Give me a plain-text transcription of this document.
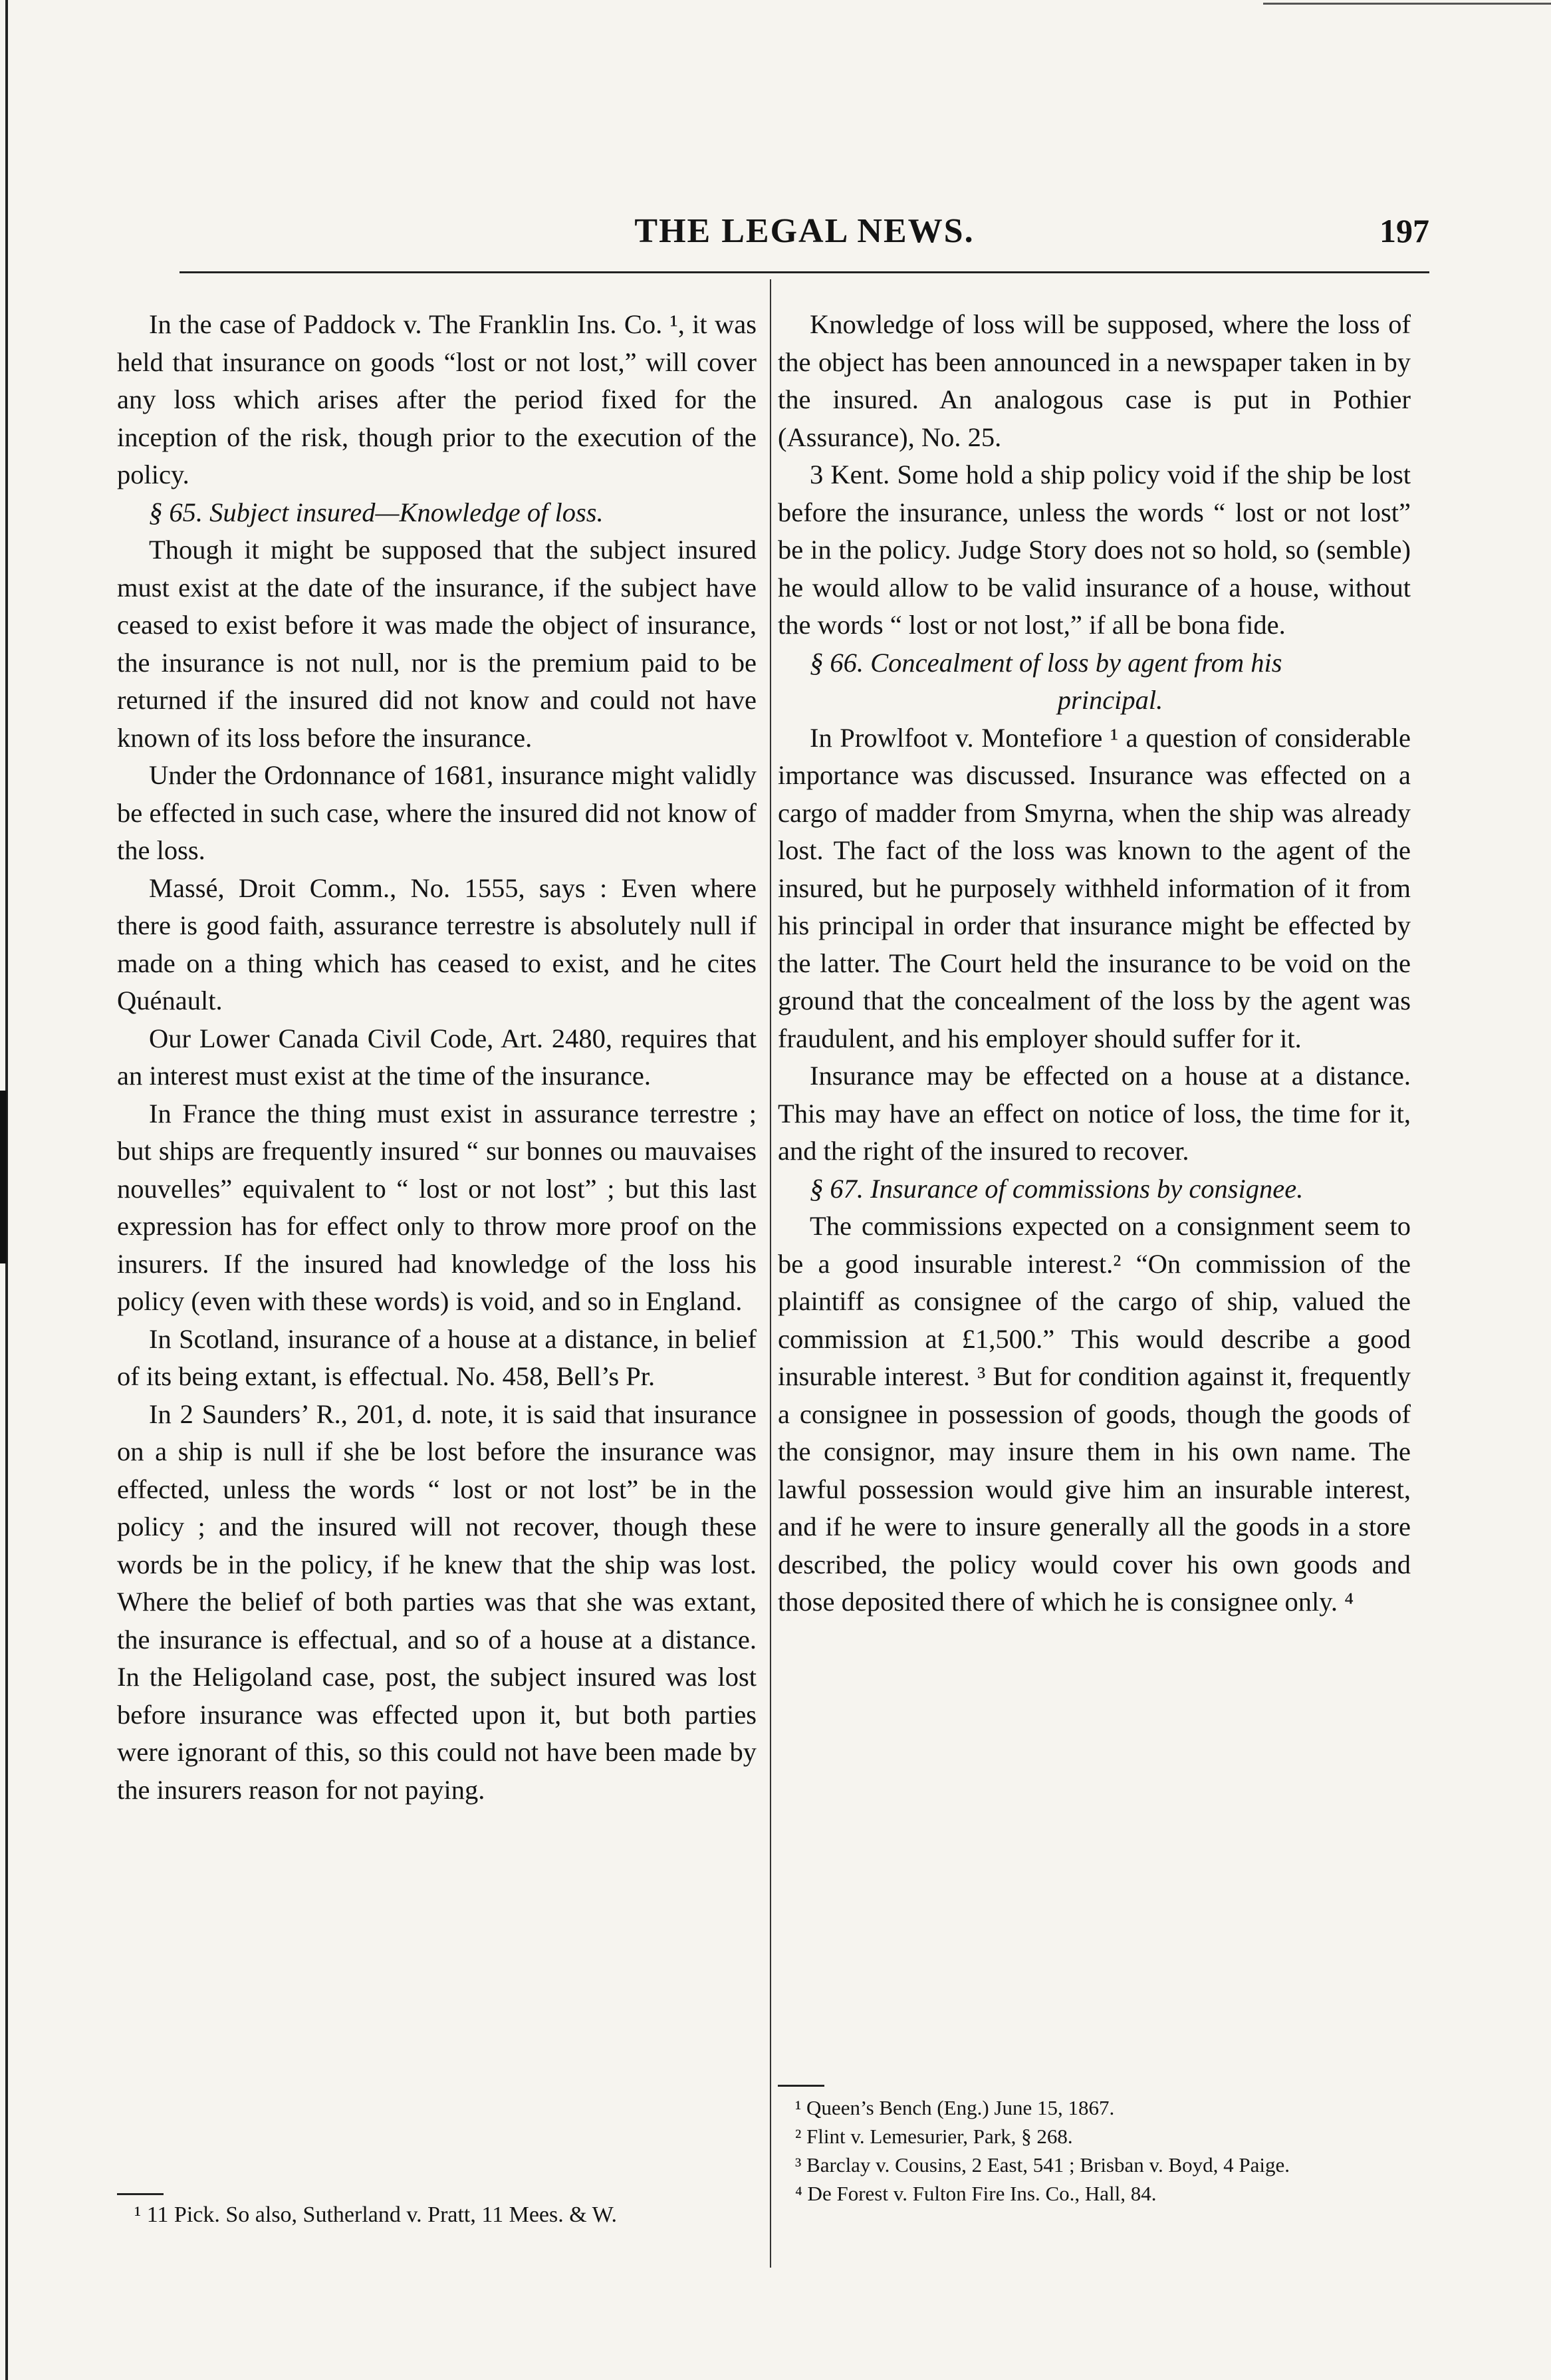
THE LEGAL NEWS.	197

In the case of Paddock v. The Franklin Ins. Co. ¹, it was held that insurance on goods “lost or not lost,” will cover any loss which arises after the period fixed for the inception of the risk, though prior to the execution of the policy.

§ 65. Subject insured—Knowledge of loss.

Though it might be supposed that the subject insured must exist at the date of the insurance, if the subject have ceased to exist before it was made the object of insurance, the insurance is not null, nor is the premium paid to be returned if the insured did not know and could not have known of its loss before the insurance.

Under the Ordonnance of 1681, insurance might validly be effected in such case, where the insured did not know of the loss.

Massé, Droit Comm., No. 1555, says : Even where there is good faith, assurance terrestre is absolutely null if made on a thing which has ceased to exist, and he cites Quénault.

Our Lower Canada Civil Code, Art. 2480, requires that an interest must exist at the time of the insurance.

In France the thing must exist in assurance terrestre ; but ships are frequently insured “ sur bonnes ou mauvaises nouvelles” equivalent to “ lost or not lost” ; but this last expression has for effect only to throw more proof on the insurers. If the insured had knowledge of the loss his policy (even with these words) is void, and so in England.

In Scotland, insurance of a house at a distance, in belief of its being extant, is effectual. No. 458, Bell’s Pr.

In 2 Saunders’ R., 201, d. note, it is said that insurance on a ship is null if she be lost before the insurance was effected, unless the words “ lost or not lost” be in the policy ; and the insured will not recover, though these words be in the policy, if he knew that the ship was lost. Where the belief of both parties was that she was extant, the insurance is effectual, and so of a house at a distance. In the Heligoland case, post, the subject insured was lost before insurance was effected upon it, but both parties were ignorant of this, so this could not have been made by the insurers reason for not paying.

¹ 11 Pick. So also, Sutherland v. Pratt, 11 Mees. & W.

Knowledge of loss will be supposed, where the loss of the object has been announced in a newspaper taken in by the insured. An analogous case is put in Pothier (Assurance), No. 25.

3 Kent. Some hold a ship policy void if the ship be lost before the insurance, unless the words “ lost or not lost” be in the policy. Judge Story does not so hold, so (semble) he would allow to be valid insurance of a house, without the words “ lost or not lost,” if all be bona fide.

§ 66. Concealment of loss by agent from his

principal.

In Prowlfoot v. Montefiore ¹ a question of considerable importance was discussed. Insurance was effected on a cargo of madder from Smyrna, when the ship was already lost. The fact of the loss was known to the agent of the insured, but he purposely withheld information of it from his principal in order that insurance might be effected by the latter. The Court held the insurance to be void on the ground that the concealment of the loss by the agent was fraudulent, and his employer should suffer for it.

Insurance may be effected on a house at a distance. This may have an effect on notice of loss, the time for it, and the right of the insured to recover.

§ 67. Insurance of commissions by consignee.

The commissions expected on a consignment seem to be a good insurable interest.² “On commission of the plaintiff as consignee of the cargo of ship, valued the commission at £1,500.” This would describe a good insurable interest. ³ But for condition against it, frequently a consignee in possession of goods, though the goods of the consignor, may insure them in his own name. The lawful possession would give him an insurable interest, and if he were to insure generally all the goods in a store described, the policy would cover his own goods and those deposited there of which he is consignee only. ⁴

¹ Queen’s Bench (Eng.) June 15, 1867.

² Flint v. Lemesurier, Park, § 268.

³ Barclay v. Cousins, 2 East, 541 ; Brisban v. Boyd, 4 Paige.

⁴ De Forest v. Fulton Fire Ins. Co., Hall, 84.
